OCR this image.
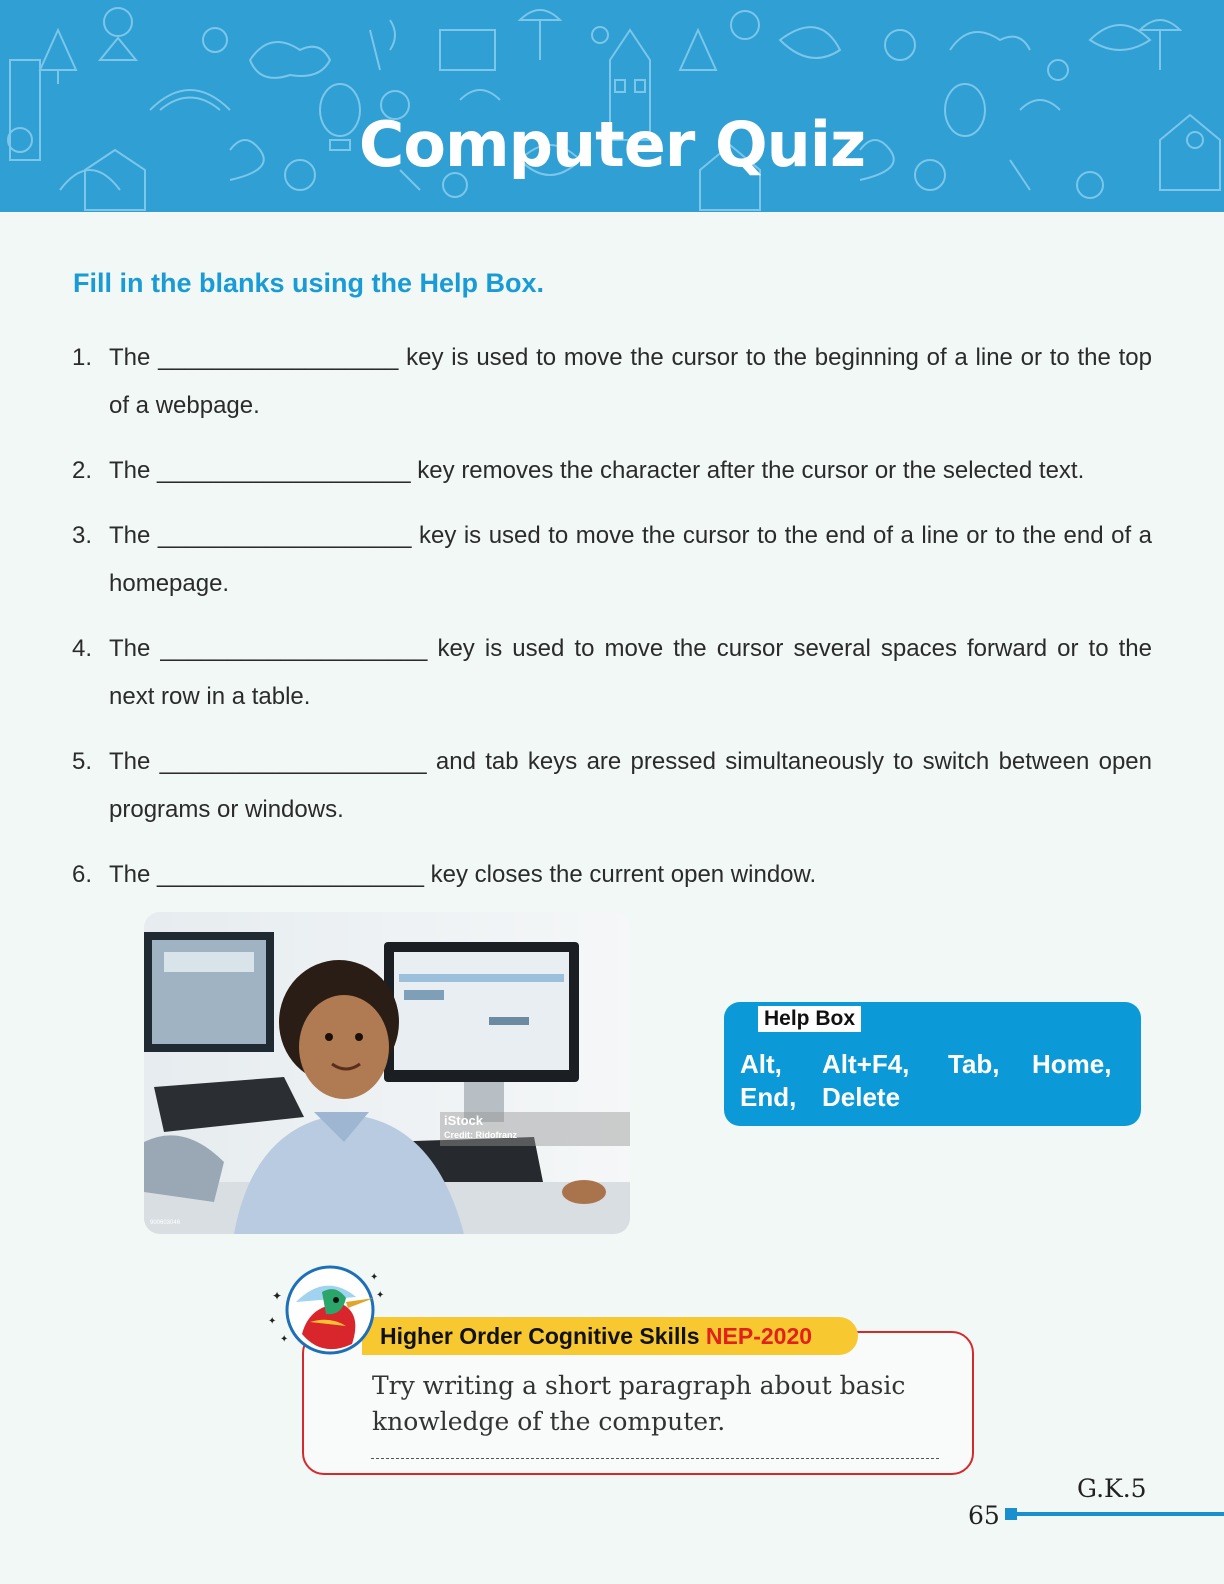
Computer Quiz
Fill in the blanks using the Help Box.
1. The __________________ key is used to move the cursor to the beginning of a line or to the top of a webpage.
2. The ___________________ key removes the character after the cursor or the selected text.
3. The ___________________ key is used to move the cursor to the end of a line or to the end of a homepage.
4. The ____________________ key is used to move the cursor several spaces forward or to the next row in a table.
5. The ____________________ and tab keys are pressed simultaneously to switch between open programs or windows.
6. The ____________________ key closes the current open window.
iStock
Credit: Ridofranz
900603046
Help Box
Alt, Alt+F4, Tab, Home,
End, Delete
Higher Order Cognitive Skills NEP-2020
✦
✦
✦
✦
✦
Try writing a short paragraph about basic knowledge of the computer.
G.K.5
65
